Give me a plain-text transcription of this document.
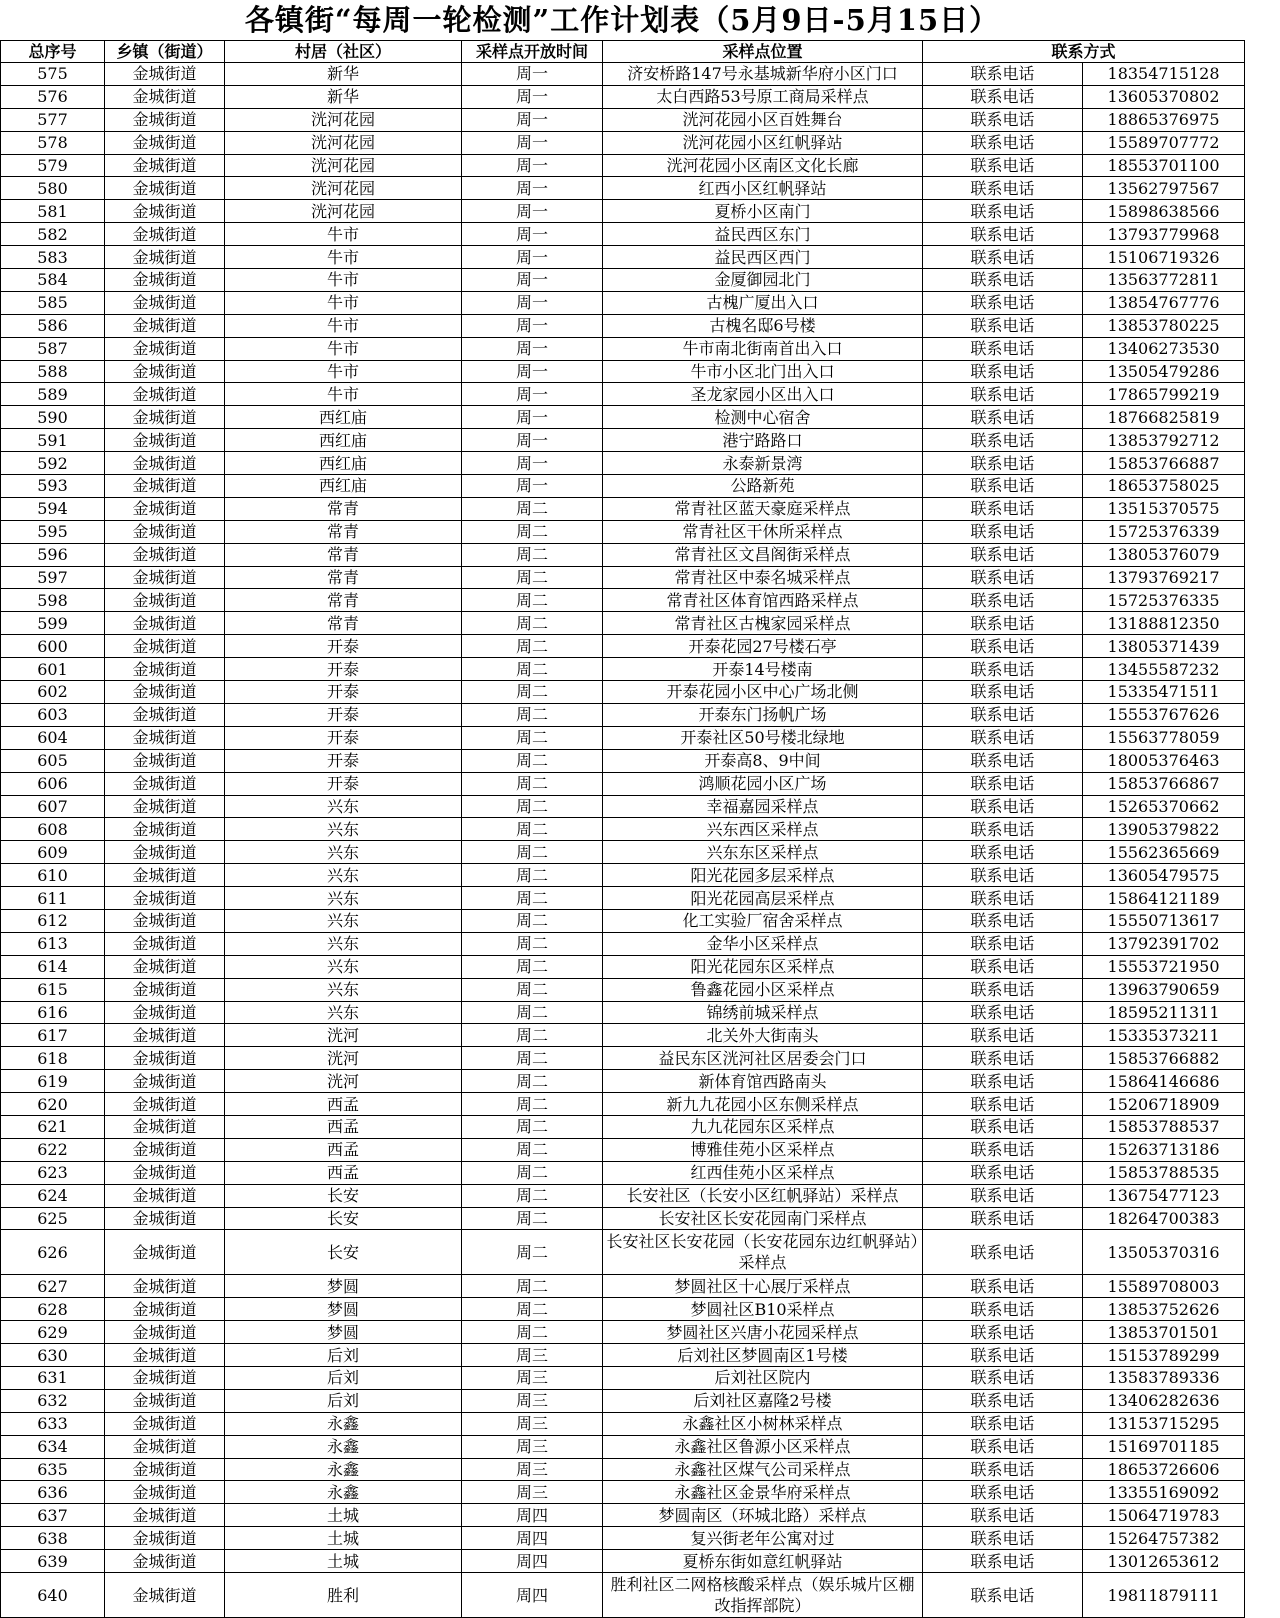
各镇街“每周一轮检测”工作计划表（5月9日-5月15日）
总序号	乡镇（街道）	村居（社区）	采样点开放时间	采样点位置	联系方式	
575	金城街道	新华	周一	济安桥路147号永基城新华府小区门口	联系电话	18354715128
576	金城街道	新华	周一	太白西路53号原工商局采样点	联系电话	13605370802
577	金城街道	洸河花园	周一	洸河花园小区百姓舞台	联系电话	18865376975
578	金城街道	洸河花园	周一	洸河花园小区红帆驿站	联系电话	15589707772
579	金城街道	洸河花园	周一	洸河花园小区南区文化长廊	联系电话	18553701100
580	金城街道	洸河花园	周一	红西小区红帆驿站	联系电话	13562797567
581	金城街道	洸河花园	周一	夏桥小区南门	联系电话	15898638566
582	金城街道	牛市	周一	益民西区东门	联系电话	13793779968
583	金城街道	牛市	周一	益民西区西门	联系电话	15106719326
584	金城街道	牛市	周一	金厦御园北门	联系电话	13563772811
585	金城街道	牛市	周一	古槐广厦出入口	联系电话	13854767776
586	金城街道	牛市	周一	古槐名邸6号楼	联系电话	13853780225
587	金城街道	牛市	周一	牛市南北街南首出入口	联系电话	13406273530
588	金城街道	牛市	周一	牛市小区北门出入口	联系电话	13505479286
589	金城街道	牛市	周一	圣龙家园小区出入口	联系电话	17865799219
590	金城街道	西红庙	周一	检测中心宿舍	联系电话	18766825819
591	金城街道	西红庙	周一	港宁路路口	联系电话	13853792712
592	金城街道	西红庙	周一	永泰新景湾	联系电话	15853766887
593	金城街道	西红庙	周一	公路新苑	联系电话	18653758025
594	金城街道	常青	周二	常青社区蓝天豪庭采样点	联系电话	13515370575
595	金城街道	常青	周二	常青社区干休所采样点	联系电话	15725376339
596	金城街道	常青	周二	常青社区文昌阁街采样点	联系电话	13805376079
597	金城街道	常青	周二	常青社区中泰名城采样点	联系电话	13793769217
598	金城街道	常青	周二	常青社区体育馆西路采样点	联系电话	15725376335
599	金城街道	常青	周二	常青社区古槐家园采样点	联系电话	13188812350
600	金城街道	开泰	周二	开泰花园27号楼石亭	联系电话	13805371439
601	金城街道	开泰	周二	开泰14号楼南	联系电话	13455587232
602	金城街道	开泰	周二	开泰花园小区中心广场北侧	联系电话	15335471511
603	金城街道	开泰	周二	开泰东门扬帆广场	联系电话	15553767626
604	金城街道	开泰	周二	开泰社区50号楼北绿地	联系电话	15563778059
605	金城街道	开泰	周二	开泰高8、9中间	联系电话	18005376463
606	金城街道	开泰	周二	鸿顺花园小区广场	联系电话	15853766867
607	金城街道	兴东	周二	幸福嘉园采样点	联系电话	15265370662
608	金城街道	兴东	周二	兴东西区采样点	联系电话	13905379822
609	金城街道	兴东	周二	兴东东区采样点	联系电话	15562365669
610	金城街道	兴东	周二	阳光花园多层采样点	联系电话	13605479575
611	金城街道	兴东	周二	阳光花园高层采样点	联系电话	15864121189
612	金城街道	兴东	周二	化工实验厂宿舍采样点	联系电话	15550713617
613	金城街道	兴东	周二	金华小区采样点	联系电话	13792391702
614	金城街道	兴东	周二	阳光花园东区采样点	联系电话	15553721950
615	金城街道	兴东	周二	鲁鑫花园小区采样点	联系电话	13963790659
616	金城街道	兴东	周二	锦绣前城采样点	联系电话	18595211311
617	金城街道	洸河	周二	北关外大街南头	联系电话	15335373211
618	金城街道	洸河	周二	益民东区洸河社区居委会门口	联系电话	15853766882
619	金城街道	洸河	周二	新体育馆西路南头	联系电话	15864146686
620	金城街道	西孟	周二	新九九花园小区东侧采样点	联系电话	15206718909
621	金城街道	西孟	周二	九九花园东区采样点	联系电话	15853788537
622	金城街道	西孟	周二	博雅佳苑小区采样点	联系电话	15263713186
623	金城街道	西孟	周二	红西佳苑小区采样点	联系电话	15853788535
624	金城街道	长安	周二	长安社区（长安小区红帆驿站）采样点	联系电话	13675477123
625	金城街道	长安	周二	长安社区长安花园南门采样点	联系电话	18264700383
626	金城街道	长安	周二	长安社区长安花园（长安花园东边红帆驿站）采样点	联系电话	13505370316
627	金城街道	梦圆	周二	梦圆社区十心展厅采样点	联系电话	15589708003
628	金城街道	梦圆	周二	梦圆社区B10采样点	联系电话	13853752626
629	金城街道	梦圆	周二	梦圆社区兴唐小花园采样点	联系电话	13853701501
630	金城街道	后刘	周三	后刘社区梦圆南区1号楼	联系电话	15153789299
631	金城街道	后刘	周三	后刘社区院内	联系电话	13583789336
632	金城街道	后刘	周三	后刘社区嘉隆2号楼	联系电话	13406282636
633	金城街道	永鑫	周三	永鑫社区小树林采样点	联系电话	13153715295
634	金城街道	永鑫	周三	永鑫社区鲁源小区采样点	联系电话	15169701185
635	金城街道	永鑫	周三	永鑫社区煤气公司采样点	联系电话	18653726606
636	金城街道	永鑫	周三	永鑫社区金景华府采样点	联系电话	13355169092
637	金城街道	土城	周四	梦圆南区（环城北路）采样点	联系电话	15064719783
638	金城街道	土城	周四	复兴街老年公寓对过	联系电话	15264757382
639	金城街道	土城	周四	夏桥东街如意红帆驿站	联系电话	13012653612
640	金城街道	胜利	周四	胜利社区二网格核酸采样点（娱乐城片区棚改指挥部院）	联系电话	19811879111
